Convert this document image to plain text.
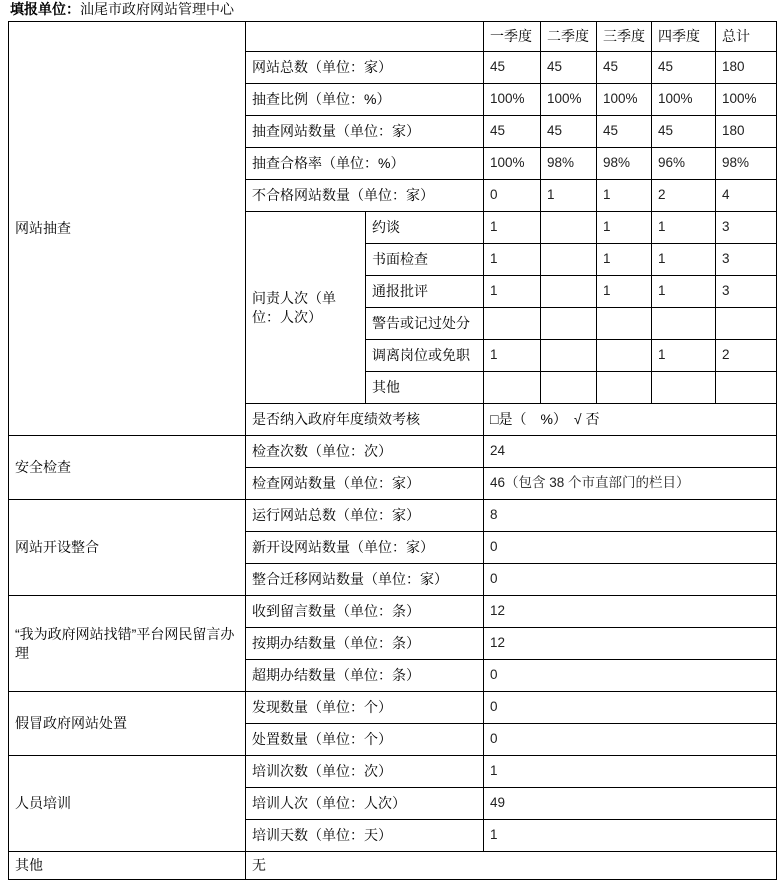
填报单位：汕尾市政府网站管理中心
网站抽查			一季度	二季度	三季度	四季度	总计
	网站总数（单位：家）		45	45	45	45	180
	抽查比例（单位：%）		100%	100%	100%	100%	100%
	抽查网站数量（单位：家）		45	45	45	45	180
	抽查合格率（单位：%）		100%	98%	98%	96%	98%
	不合格网站数量（单位：家）		0	1	1	2	4
	问责人次（单位：人次）	约谈	1		1	1	3
		书面检查	1		1	1	3
		通报批评	1		1	1	3
		警告或记过处分					
		调离岗位或免职	1			1	2
		其他					
	是否纳入政府年度绩效考核		□是（　%）　√ 否				
安全检查	检查次数（单位：次）		24				
	检查网站数量（单位：家）		46（包含 38 个市直部门的栏目）				
网站开设整合	运行网站总数（单位：家）		8				
	新开设网站数量（单位：家）		0				
	整合迁移网站数量（单位：家）		0				
“我为政府网站找错”平台网民留言办理	收到留言数量（单位：条）		12				
	按期办结数量（单位：条）		12				
	超期办结数量（单位：条）		0				
假冒政府网站处置	发现数量（单位：个）		0				
	处置数量（单位：个）		0				
人员培训	培训次数（单位：次）		1				
	培训人次（单位：人次）		49				
	培训天数（单位：天）		1				
其他	无						
